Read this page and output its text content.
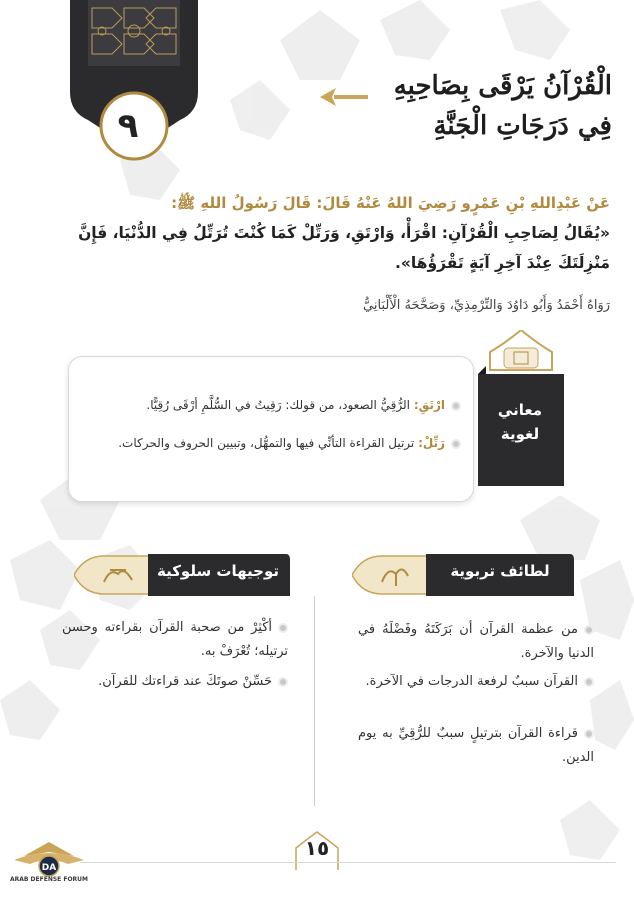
٩
الْقُرْآنُ يَرْقَى بِصَاحِبِهِ
فِي دَرَجَاتِ الْجَنَّةِ
عَنْ عَبْدِاللهِ بْنِ عَمْرٍو رَضِيَ اللهُ عَنْهُ قَالَ: قَالَ رَسُولُ اللهِ ﷺ:
«يُقَالُ لِصَاحِبِ الْقُرْآنِ: اقْرَأْ، وَارْتَقِ، وَرَتِّلْ كَمَا كُنْتَ تُرَتِّلُ فِي الدُّنْيَا، فَإِنَّ
مَنْزِلَتَكَ عِنْدَ آخِرِ آيَةٍ تَقْرَؤُهَا».
رَوَاهُ أَحْمَدُ وَأَبُو دَاوُدَ وَالتِّرْمِذِيِّ، وَصَحَّحَهُ الْأَلْبَانِيُّ
ارْتَقِ: الرُّقِيُّ الصعود، من قولك: رَقِيتُ في السُّلَّمِ أرْقَى رُقِيًّا.
رَتِّلْ: ترتيل القراءة التأنِّي فيها والتمهُّل، وتبيين الحروف والحركات.
معاني
لغوية
لطائف تربوية
توجيهات سلوكية
من عظمة القرآن أن بَرَكَتَهُ وفَضْلَهُ في الدنيا والآخرة.
القرآن سببٌ لرفعة الدرجات في الآخرة.
قراءة القرآن بترتيلٍ سببٌ للرُّقِيِّ به يوم الدين.
أكْثِرْ من صحبة القرآن بقراءته وحسن ترتيله؛ تُعْرَفْ به.
حَسِّنْ صوتَكَ عند قراءتك للقرآن.
١٥
DA
ARAB DEFENSE FORUM
